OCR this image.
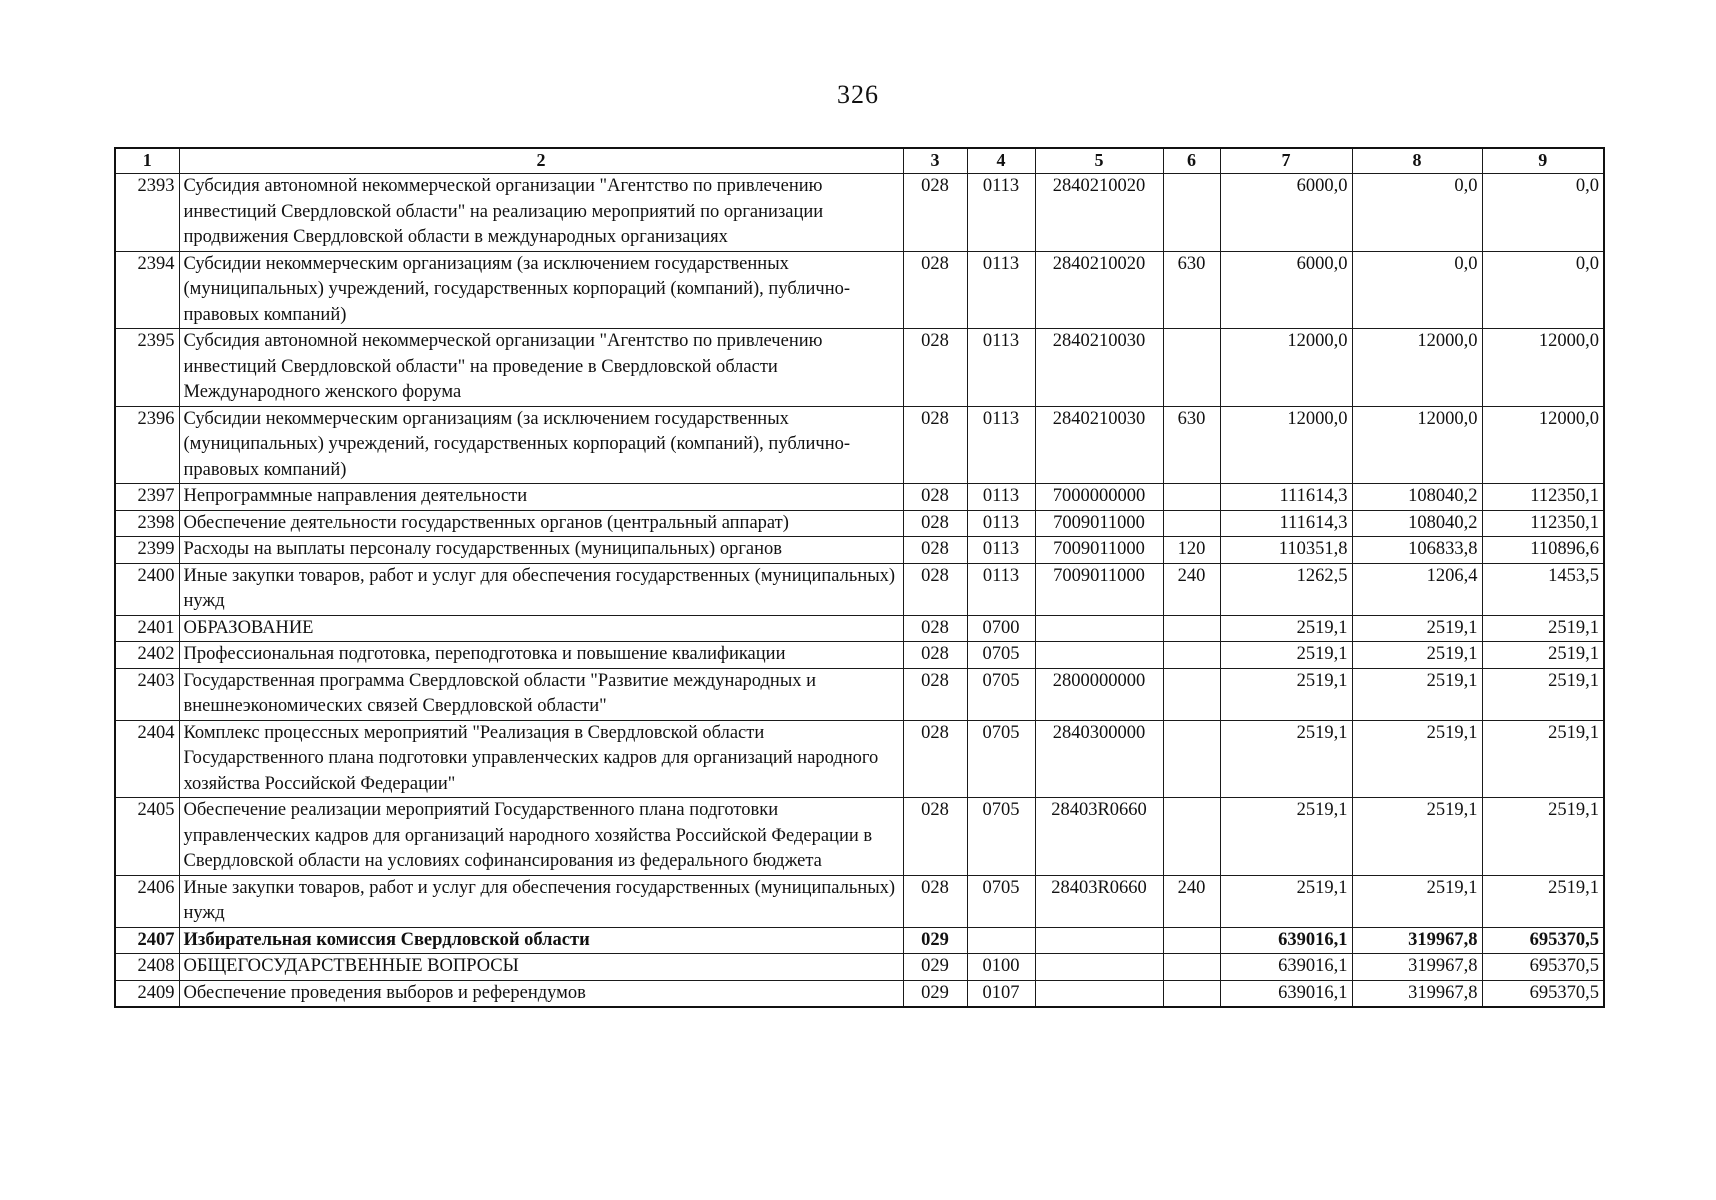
326
1	2	3	4	5	6	7	8	9
2393	Субсидия автономной некоммерческой организации "Агентство по привлечению инвестиций Свердловской области" на реализацию мероприятий по организации продвижения Свердловской области в международных организациях	028	0113	2840210020		6000,0	0,0	0,0
2394	Субсидии некоммерческим организациям (за исключением государственных (муниципальных) учреждений, государственных корпораций (компаний), публично-правовых компаний)	028	0113	2840210020	630	6000,0	0,0	0,0
2395	Субсидия автономной некоммерческой организации "Агентство по привлечению инвестиций Свердловской области" на проведение в Свердловской области Международного женского форума	028	0113	2840210030		12000,0	12000,0	12000,0
2396	Субсидии некоммерческим организациям (за исключением государственных (муниципальных) учреждений, государственных корпораций (компаний), публично-правовых компаний)	028	0113	2840210030	630	12000,0	12000,0	12000,0
2397	Непрограммные направления деятельности	028	0113	7000000000		111614,3	108040,2	112350,1
2398	Обеспечение деятельности государственных органов (центральный аппарат)	028	0113	7009011000		111614,3	108040,2	112350,1
2399	Расходы на выплаты персоналу государственных (муниципальных) органов	028	0113	7009011000	120	110351,8	106833,8	110896,6
2400	Иные закупки товаров, работ и услуг для обеспечения государственных (муниципальных) нужд	028	0113	7009011000	240	1262,5	1206,4	1453,5
2401	ОБРАЗОВАНИЕ	028	0700			2519,1	2519,1	2519,1
2402	Профессиональная подготовка, переподготовка и повышение квалификации	028	0705			2519,1	2519,1	2519,1
2403	Государственная программа Свердловской области "Развитие международных и внешнеэкономических связей Свердловской области"	028	0705	2800000000		2519,1	2519,1	2519,1
2404	Комплекс процессных мероприятий "Реализация в Свердловской области Государственного плана подготовки управленческих кадров для организаций народного хозяйства Российской Федерации"	028	0705	2840300000		2519,1	2519,1	2519,1
2405	Обеспечение реализации мероприятий Государственного плана подготовки управленческих кадров для организаций народного хозяйства Российской Федерации в Свердловской области на условиях софинансирования из федерального бюджета	028	0705	28403R0660		2519,1	2519,1	2519,1
2406	Иные закупки товаров, работ и услуг для обеспечения государственных (муниципальных) нужд	028	0705	28403R0660	240	2519,1	2519,1	2519,1
2407	Избирательная комиссия Свердловской области	029				639016,1	319967,8	695370,5
2408	ОБЩЕГОСУДАРСТВЕННЫЕ ВОПРОСЫ	029	0100			639016,1	319967,8	695370,5
2409	Обеспечение проведения выборов и референдумов	029	0107			639016,1	319967,8	695370,5
